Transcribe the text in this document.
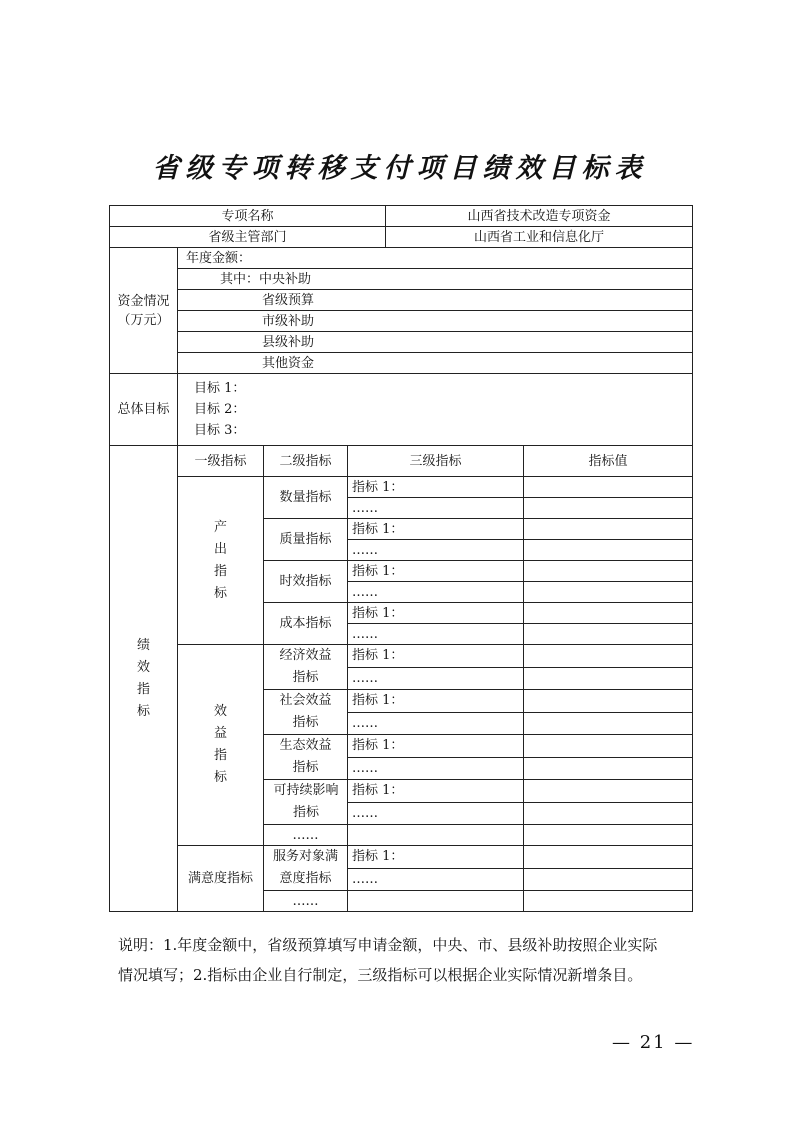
省级专项转移支付项目绩效目标表
专项名称				山西省技术改造专项资金	
省级主管部门				山西省工业和信息化厅	
资金情况
（万元）	年度金额：				
	其中：中央补助				
	省级预算				
	市级补助				
	县级补助				
	其他资金				
总体目标	目标 1：
目标 2：
目标 3：				

绩效指标	一级指标	二级指标	三级指标		指标值
	产出指标	数量指标	指标 1：		
			……		
		质量指标	指标 1：		
			……		
		时效指标	指标 1：		
			……		
		成本指标	指标 1：		
			……		
	效益指标	经济效益指标	指标 1：		
			……		
		社会效益指标	指标 1：		
			……		
		生态效益指标	指标 1：		
			……		
		可持续影响指标	指标 1：		
			……		
		……			
	满意度指标	服务对象满意度指标	指标 1：		
			……		
		……			
说明：1.年度金额中，省级预算填写申请金额，中央、市、县级补助按照企业实际
情况填写；2.指标由企业自行制定，三级指标可以根据企业实际情况新增条目。
— 21 —
